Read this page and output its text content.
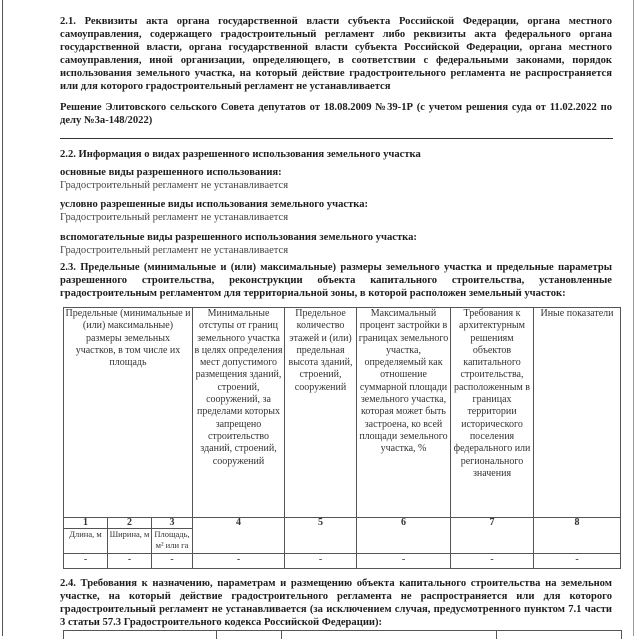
2.1. Реквизиты акта органа государственной власти субъекта Российской Федерации, органа местного самоуправления, содержащего градостроительный регламент либо реквизиты акта федерального органа государственной власти, органа государственной власти субъекта Российской Федерации, органа местного самоуправления, иной организации, определяющего, в соответствии с федеральными законами, порядок использования земельного участка, на который действие градостроительного регламента не распространяется или для которого градостроительный регламент не устанавливается
Решение Элитовского сельского Совета депутатов от 18.08.2009 №39-1Р (с учетом решения суда от 11.02.2022 по делу №3а-148/2022)
2.2. Информация о видах разрешенного использования земельного участка
основные виды разрешенного использования:
Градостроительный регламент не устанавливается
условно разрешенные виды использования земельного участка:
Градостроительный регламент не устанавливается
вспомогательные виды разрешенного использования земельного участка:
Градостроительный регламент не устанавливается
2.3. Предельные (минимальные и (или) максимальные) размеры земельного участка и предельные параметры разрешенного строительства, реконструкции объекта капитального строительства, установленные градостроительным регламентом для территориальной зоны, в которой расположен земельный участок:
Предельные (минимальные и (или) максимальные) размеры земельных участков, в том числе их площадь			Минимальные отступы от границ земельного участка в целях определения мест допустимого размещения зданий, строений, сооружений, за пределами которых запрещено строительство зданий, строений, сооружений	Предельное количество этажей и (или) предельная высота зданий, строений, сооружений	Максимальный процент застройки в границах земельного участка, определяемый как отношение суммарной площади земельного участка, которая может быть застроена, ко всей площади земельного участка, %	Требования к архитектурным решениям объектов капитального строительства, расположенным в границах территории исторического поселения федерального или регионального значения	Иные показатели
1	2	3	4	5	6	7	8
Длина, м	Ширина, м	Площадь, м² или га					
-	-	-	-	-	-	-	-
2.4. Требования к назначению, параметрам и размещению объекта капитального строительства на земельном участке, на который действие градостроительного регламента не распространяется или для которого градостроительный регламент не устанавливается (за исключением случая, предусмотренного пунктом 7.1 части 3 статьи 57.3 Градостроительного кодекса Российской Федерации):
